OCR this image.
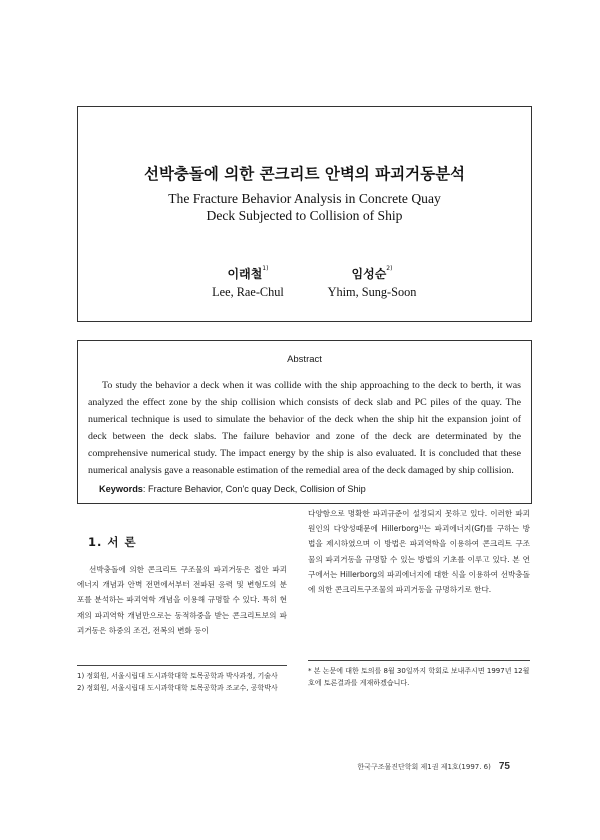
선박충돌에 의한 콘크리트 안벽의 파괴거동분석
The Fracture Behavior Analysis in Concrete Quay
Deck Subjected to Collision of Ship
이래철$^{1)}$
Lee, Rae-Chul
임성순$^{2)}$
Yhim, Sung-Soon
Abstract

To study the behavior a deck when it was collide with the ship approaching to the deck to berth, it was analyzed the effect zone by the ship collision which consists of deck slab and PC piles of the quay. The numerical technique is used to simulate the behavior of the deck when the ship hit the expansion joint of deck between the deck slabs. The failure behavior and zone of the deck are determinated by the comprehensive numerical study. The impact energy by the ship is also evaluated. It is concluded that these numerical analysis gave a reasonable estimation of the remedial area of the deck damaged by ship collision.

Keywords: Fracture Behavior, Con'c quay Deck, Collision of Ship
1. 서 론

선박충돌에 의한 콘크리트 구조물의 파괴거동은 접안 파괴 에너지 개념과 안벽 전면에서부터 전파된 응력 및 변형도의 분포를 분석하는 파괴역학 개념을 이용해 규명할 수 있다. 특히 현재의 파괴역학 개념만으로는 동적하중을 받는 콘크리트보의 파괴거동은 하중의 조건, 전복의 변화 등이

다양함으로 명확한 파괴규준이 설정되지 못하고 있다. 이러한 파괴원인의 다양성때문에 Hillerborg¹⁾는 파괴에너지(Gf)를 구하는 방법을 제시하였으며 이 방법은 파괴역학을 이용하여 콘크리트 구조물의 파괴거동을 규명할 수 있는 방법의 기초를 이루고 있다. 본 연구에서는 Hillerborg의 파괴에너지에 대한 식을 이용하여 선박충돌에 의한 콘크리트구조물의 파괴거동을 규명하기로 한다.

1) 정회원, 서울시립대 도시과학대학 토목공학과 박사과정, 기술사
2) 정회원, 서울시립대 도시과학대학 토목공학과 조교수, 공학박사
* 본 논문에 대한 토의를 8월 30일까지 학회로 보내주시면 1997년 12월호에 토론결과를 게재하겠습니다.
한국구조물진단학회 제1권 제1호(1997. 6) 75
